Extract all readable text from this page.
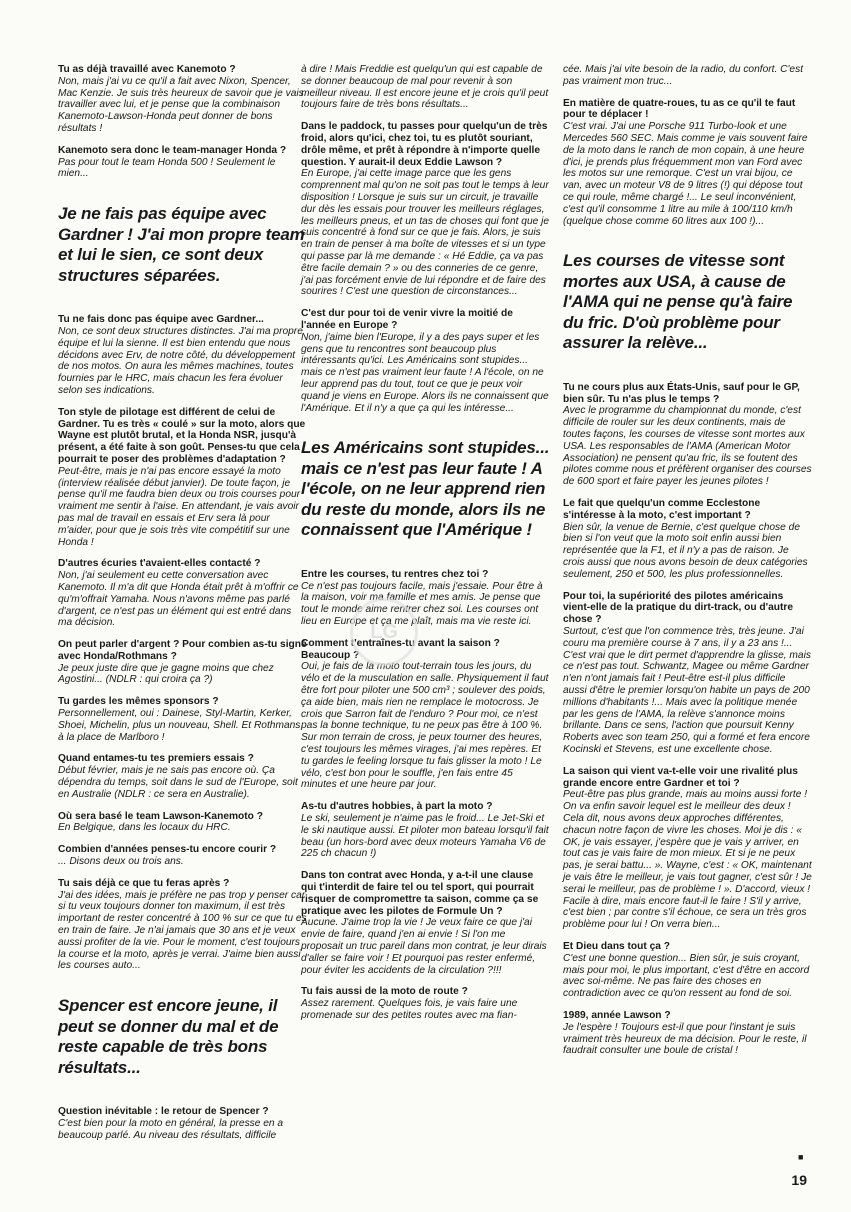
Tu as déjà travaillé avec Kanemoto ?

Non, mais j'ai vu ce qu'il a fait avec Nixon, Spencer, Mac Kenzie. Je suis très heureux de savoir que je vais travailler avec lui, et je pense que la combinaison Kanemoto-Lawson-Honda peut donner de bons résultats !

Kanemoto sera donc le team-manager Honda ?

Pas pour tout le team Honda 500 ! Seulement le mien...

Je ne fais pas équipe avec Gardner ! J'ai mon propre team et lui le sien, ce sont deux structures séparées.

Tu ne fais donc pas équipe avec Gardner...

Non, ce sont deux structures distinctes. J'ai ma propre équipe et lui la sienne. Il est bien entendu que nous décidons avec Erv, de notre côté, du développement de nos motos. On aura les mêmes machines, toutes fournies par le HRC, mais chacun les fera évoluer selon ses indications.

Ton style de pilotage est différent de celui de Gardner. Tu es très « coulé » sur la moto, alors que Wayne est plutôt brutal, et la Honda NSR, jusqu'à présent, a été faite à son goût. Penses-tu que cela pourrait te poser des problèmes d'adaptation ?

Peut-être, mais je n'ai pas encore essayé la moto (interview réalisée début janvier). De toute façon, je pense qu'il me faudra bien deux ou trois courses pour vraiment me sentir à l'aise. En attendant, je vais avoir pas mal de travail en essais et Erv sera là pour m'aider, pour que je sois très vite compétitif sur une Honda !

D'autres écuries t'avaient-elles contacté ?

Non, j'ai seulement eu cette conversation avec Kanemoto. Il m'a dit que Honda était prêt à m'offrir ce qu'm'offrait Yamaha. Nous n'avons même pas parlé d'argent, ce n'est pas un élément qui est entré dans ma décision.

On peut parler d'argent ? Pour combien as-tu signé avec Honda/Rothmans ?

Je peux juste dire que je gagne moins que chez Agostini... (NDLR : qui croira ça ?)

Tu gardes les mêmes sponsors ?

Personnellement, oui : Dainese, Styl-Martin, Kerker, Shoei, Michelin, plus un nouveau, Shell. Et Rothmans à la place de Marlboro !

Quand entames-tu tes premiers essais ?

Début février, mais je ne sais pas encore où. Ça dépendra du temps, soit dans le sud de l'Europe, soit en Australie (NDLR : ce sera en Australie).

Où sera basé le team Lawson-Kanemoto ?

En Belgique, dans les locaux du HRC.

Combien d'années penses-tu encore courir ?

... Disons deux ou trois ans.

Tu sais déjà ce que tu feras après ?

J'ai des idées, mais je préfère ne pas trop y penser car si tu veux toujours donner ton maximum, il est très important de rester concentré à 100 % sur ce que tu es en train de faire. Je n'ai jamais que 30 ans et je veux aussi profiter de la vie. Pour le moment, c'est toujours la course et la moto, après je verrai. J'aime bien aussi les courses auto...

Spencer est encore jeune, il peut se donner du mal et de reste capable de très bons résultats...

Question inévitable : le retour de Spencer ?

C'est bien pour la moto en général, la presse en a beaucoup parlé. Au niveau des résultats, difficile

à dire ! Mais Freddie est quelqu'un qui est capable de se donner beaucoup de mal pour revenir à son meilleur niveau. Il est encore jeune et je crois qu'il peut toujours faire de très bons résultats...

Dans le paddock, tu passes pour quelqu'un de très froid, alors qu'ici, chez toi, tu es plutôt souriant, drôle même, et prêt à répondre à n'importe quelle question. Y aurait-il deux Eddie Lawson ?

En Europe, j'ai cette image parce que les gens comprennent mal qu'on ne soit pas tout le temps à leur disposition ! Lorsque je suis sur un circuit, je travaille dur dès les essais pour trouver les meilleurs réglages, les meilleurs pneus, et un tas de choses qui font que je suis concentré à fond sur ce que je fais. Alors, je suis en train de penser à ma boîte de vitesses et si un type qui passe par là me demande : « Hé Eddie, ça va pas être facile demain ? » ou des conneries de ce genre, j'ai pas forcément envie de lui répondre et de faire des sourires ! C'est une question de circonstances...

C'est dur pour toi de venir vivre la moitié de l'année en Europe ?

Non, j'aime bien l'Europe, il y a des pays super et les gens que tu rencontres sont beaucoup plus intéressants qu'ici. Les Américains sont stupides... mais ce n'est pas vraiment leur faute ! A l'école, on ne leur apprend pas du tout, tout ce que je peux voir quand je viens en Europe. Alors ils ne connaissent que l'Amérique. Et il n'y a que ça qui les intéresse...

Les Américains sont stupides... mais ce n'est pas leur faute ! A l'école, on ne leur apprend rien du reste du monde, alors ils ne connaissent que l'Amérique !

Entre les courses, tu rentres chez toi ?

Ce n'est pas toujours facile, mais j'essaie. Pour être à la maison, voir ma famille et mes amis. Je pense que tout le monde aime rentrer chez soi. Les courses ont lieu en Europe et ça me plaît, mais ma vie reste ici.

Comment t'entraînes-tu avant la saison ? Beaucoup ?

Oui, je fais de la moto tout-terrain tous les jours, du vélo et de la musculation en salle. Physiquement il faut être fort pour piloter une 500 cm³ ; soulever des poids, ça aide bien, mais rien ne remplace le motocross. Je crois que Sarron fait de l'enduro ? Pour moi, ce n'est pas la bonne technique, tu ne peux pas être à 100 %. Sur mon terrain de cross, je peux tourner des heures, c'est toujours les mêmes virages, j'ai mes repères. Et tu gardes le feeling lorsque tu fais glisser la moto ! Le vélo, c'est bon pour le souffle, j'en fais entre 45 minutes et une heure par jour.

As-tu d'autres hobbies, à part la moto ?

Le ski, seulement je n'aime pas le froid... Le Jet-Ski et le ski nautique aussi. Et piloter mon bateau lorsqu'il fait beau (un hors-bord avec deux moteurs Yamaha V6 de 225 ch chacun !)

Dans ton contrat avec Honda, y a-t-il une clause qui t'interdit de faire tel ou tel sport, qui pourrait risquer de compromettre ta saison, comme ça se pratique avec les pilotes de Formule Un ?

Aucune. J'aime trop la vie ! Je veux faire ce que j'ai envie de faire, quand j'en ai envie ! Si l'on me proposait un truc pareil dans mon contrat, je leur dirais d'aller se faire voir ! Et pourquoi pas rester enfermé, pour éviter les accidents de la circulation ?!!!

Tu fais aussi de la moto de route ?

Assez rarement. Quelques fois, je vais faire une promenade sur des petites routes avec ma fian-

cée. Mais j'ai vite besoin de la radio, du confort. C'est pas vraiment mon truc...

En matière de quatre-roues, tu as ce qu'il te faut pour te déplacer !

C'est vrai. J'ai une Porsche 911 Turbo-look et une Mercedes 560 SEC. Mais comme je vais souvent faire de la moto dans le ranch de mon copain, à une heure d'ici, je prends plus fréquemment mon van Ford avec les motos sur une remorque. C'est un vrai bijou, ce van, avec un moteur V8 de 9 litres (!) qui dépose tout ce qui roule, même chargé !... Le seul inconvénient, c'est qu'il consomme 1 litre au mile à 100/110 km/h (quelque chose comme 60 litres aux 100 !)...

Les courses de vitesse sont mortes aux USA, à cause de l'AMA qui ne pense qu'à faire du fric. D'où problème pour assurer la relève...

Tu ne cours plus aux États-Unis, sauf pour le GP, bien sûr. Tu n'as plus le temps ?

Avec le programme du championnat du monde, c'est difficile de rouler sur les deux continents, mais de toutes façons, les courses de vitesse sont mortes aux USA. Les responsables de l'AMA (American Motor Association) ne pensent qu'au fric, ils se foutent des pilotes comme nous et préfèrent organiser des courses de 600 sport et faire payer les jeunes pilotes !

Le fait que quelqu'un comme Ecclestone s'intéresse à la moto, c'est important ?

Bien sûr, la venue de Bernie, c'est quelque chose de bien si l'on veut que la moto soit enfin aussi bien représentée que la F1, et il n'y a pas de raison. Je crois aussi que nous avons besoin de deux catégories seulement, 250 et 500, les plus professionnelles.

Pour toi, la supériorité des pilotes américains vient-elle de la pratique du dirt-track, ou d'autre chose ?

Surtout, c'est que l'on commence très, très jeune. J'ai couru ma première course à 7 ans, il y a 23 ans !... C'est vrai que le dirt permet d'apprendre la glisse, mais ce n'est pas tout. Schwantz, Magee ou même Gardner n'en n'ont jamais fait ! Peut-être est-il plus difficile aussi d'être le premier lorsqu'on habite un pays de 200 millions d'habitants !... Mais avec la politique menée par les gens de l'AMA, la relève s'annonce moins brillante. Dans ce sens, l'action que poursuit Kenny Roberts avec son team 250, qui a formé et fera encore Kocinski et Stevens, est une excellente chose.

La saison qui vient va-t-elle voir une rivalité plus grande encore entre Gardner et toi ?

Peut-être pas plus grande, mais au moins aussi forte ! On va enfin savoir lequel est le meilleur des deux ! Cela dit, nous avons deux approches différentes, chacun notre façon de vivre les choses. Moi je dis : « OK, je vais essayer, j'espère que je vais y arriver, en tout cas je vais faire de mon mieux. Et si je ne peux pas, je serai battu... ». Wayne, c'est : « OK, maintenant je vais être le meilleur, je vais tout gagner, c'est sûr ! Je serai le meilleur, pas de problème ! ». D'accord, vieux ! Facile à dire, mais encore faut-il le faire ! S'il y arrive, c'est bien ; par contre s'il échoue, ce sera un très gros problème pour lui ! On verra bien...

Et Dieu dans tout ça ?

C'est une bonne question... Bien sûr, je suis croyant, mais pour moi, le plus important, c'est d'être en accord avec soi-même. Ne pas faire des choses en contradiction avec ce qu'on ressent au fond de soi.

1989, année Lawson ?

Je l'espère ! Toujours est-il que pour l'instant je suis vraiment très heureux de ma décision. Pour le reste, il faudrait consulter une boule de cristal !

LG
■
19
